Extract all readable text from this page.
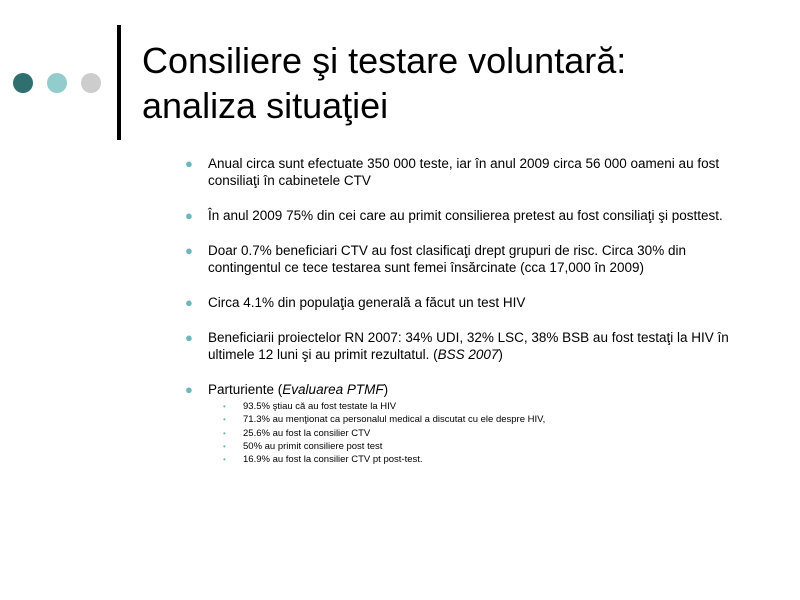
Consiliere şi testare voluntară:
analiza situaţiei
● Anual circa sunt efectuate 350 000 teste, iar în anul 2009 circa 56 000 oameni au fost consiliaţi în cabinetele CTV
● În anul 2009 75% din cei care au primit consilierea pretest au fost consiliaţi şi posttest.
● Doar 0.7% beneficiari CTV au fost clasificaţi drept grupuri de risc. Circa 30% din contingentul ce tece testarea sunt femei însărcinate (cca 17,000 în 2009)
● Circa 4.1% din populaţia generală a făcut un test HIV
● Beneficiarii proiectelor RN 2007: 34% UDI, 32% LSC, 38% BSB au fost testaţi la HIV în ultimele 12 luni şi au primit rezultatul. (BSS 2007)
● Parturiente (Evaluarea PTMF)
• 93.5% ştiau că au fost testate la HIV
• 71.3% au menţionat ca personalul medical a discutat cu ele despre HIV,
• 25.6% au fost la consilier CTV
• 50% au primit consiliere post test
• 16.9% au fost la consilier CTV pt post-test.
